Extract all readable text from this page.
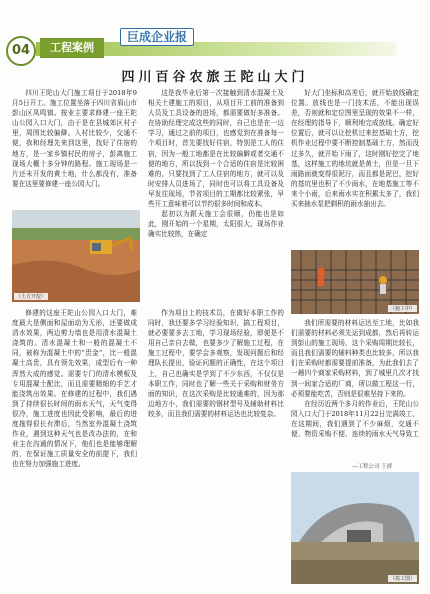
04	工程案例
巨成企业报
四川百谷农旅王陀山大门

四川王陀山大门施工项目于2018年9月5日开工。施工位置坐落于四川省眉山市彭山区凤鸣镇。按业主要求修建一座王陀山公园入口大门，由于是在县城郊区村子里，周围比较偏僻。入村比较少，交通不便，我和经理先来到这里，找好了住宿的地方，是一家乡镇村民的房子，彭离施工现场大概十多分钟的路程。施工现场是一片还未开发的黄土地，什么都没有，准备要在这里要修建一座公园大门。

这是我毕业后第一次接触到清水混凝土及相关土建施工的项目，从项目开工前的准备到人员及工具设备的进场，都需要做好多准备。在协助经理完成这些的同时，自己也是在一边学习，通过之前的项目，也感觉到在准备每一个项目时，首先要找好住宿，特别是工人的住宿，因为一般工地都是在比较偏僻或者交通不便的地方，所以找到一个合适的住宿是比较困难的，只要找到了工人住宿的地方，就可以及时安排人员进场了，同时也可以将工具设备及早发往现场，节省项目的工期都比较紧张，早些开工意味着可以节约很多时间和成本。

起初以为跟天施工会很顺，仍能也是如此，刚开始的一个星期，太阳很大，现场作业确实比较热，在确定

好大门坐标和高差后，就开始放线确定位置。放线也是一门技术活，不能出现误差，否则就和定位图里呈现的效果不一样，在经理的指导下，顺利地完成放线。确定好位置后，就可以让挖机过来挖基础土方，挖机作业过程中要不断控制基础土方，然而没过多久，就开始下雨了，这时刚好挖完了地基，这样施工的地坑就是黄土，但是一旦下雨路面就变得很泥泞，而且都是泥巴，挖好的基坑里也积了不少雨水，在地基施工等不来个小雨，后来雨水实在积累太多了，我们买来抽水泵把剩积的雨水抽出去。

（土方开挖）
（施工中）

修建的这座王陀山公园入口大门，难度最大是侧面和屋面动为无形，还要做成清水效果，两边剪力墙也是用清水混凝土浇筑的。清水混凝土和一般的混凝土不同，被称为混凝土中的“贵金”，比一般混凝土高贵，具有领先效果，成型后有一种浑然大成的感觉。需要专门的清水模板及专用混凝土配比，而且需要精细的手艺才能浇筑出效果。在修建的过程中，我们遇到了持续很长时间的雨水天气，天气变得很冷，施工进度也因此受影响，最后的进度拖得很长有滞后，当然室外混凝土浇筑作业，遇到这种天气也是改办法的，在和业主在沟通的情况下，他们也是能够理解的，在保证施工质量安全的前提下，我们也在努力加强施工进度。

作为项目上的技术员，在做好本职工作的同时，我还要多学习经验知识，搞工程项目，就必要要多去工地，学习现场经验，即便是不用自己亲自去做，也要多少了解施工过程，在施工过程中，要学会多观察，发现问题后和经理队长提出，验证问题的正确性，在这个项目上，自己也确实是学到了不少东西，不仅仅是本职工作，同时也了解一些关于采购和财务方面的知识，在这次采购是比较通难的，因为那边地方小，我们需要的钢材型号及辅助材料比较多，而且我们需要的材料运达也比较复杂。

我们所需要的材料运达至工地，比如我们需要的材料必须先运到成都，然后再转运到彭山的施工现场，这个采购周期比较长，而且我们需要的辅料种类也比较多，所以我们在采购时都需要提前准备，为此我们去了一趟四个商家采购材料，到了城里几次才找到一间家合适的厂商，所以做工程这一行，必须要能吃苦，否则是很难坚持下来的。

在经历近两个多月的作业后，王陀山公园入口大门于2018年11月22日完满竣工，在这期间，我们遇到了不少麻烦，交通不便、物资采购不便、连续的雨水天气导致工

—工程公司 王群
（竣工图）
